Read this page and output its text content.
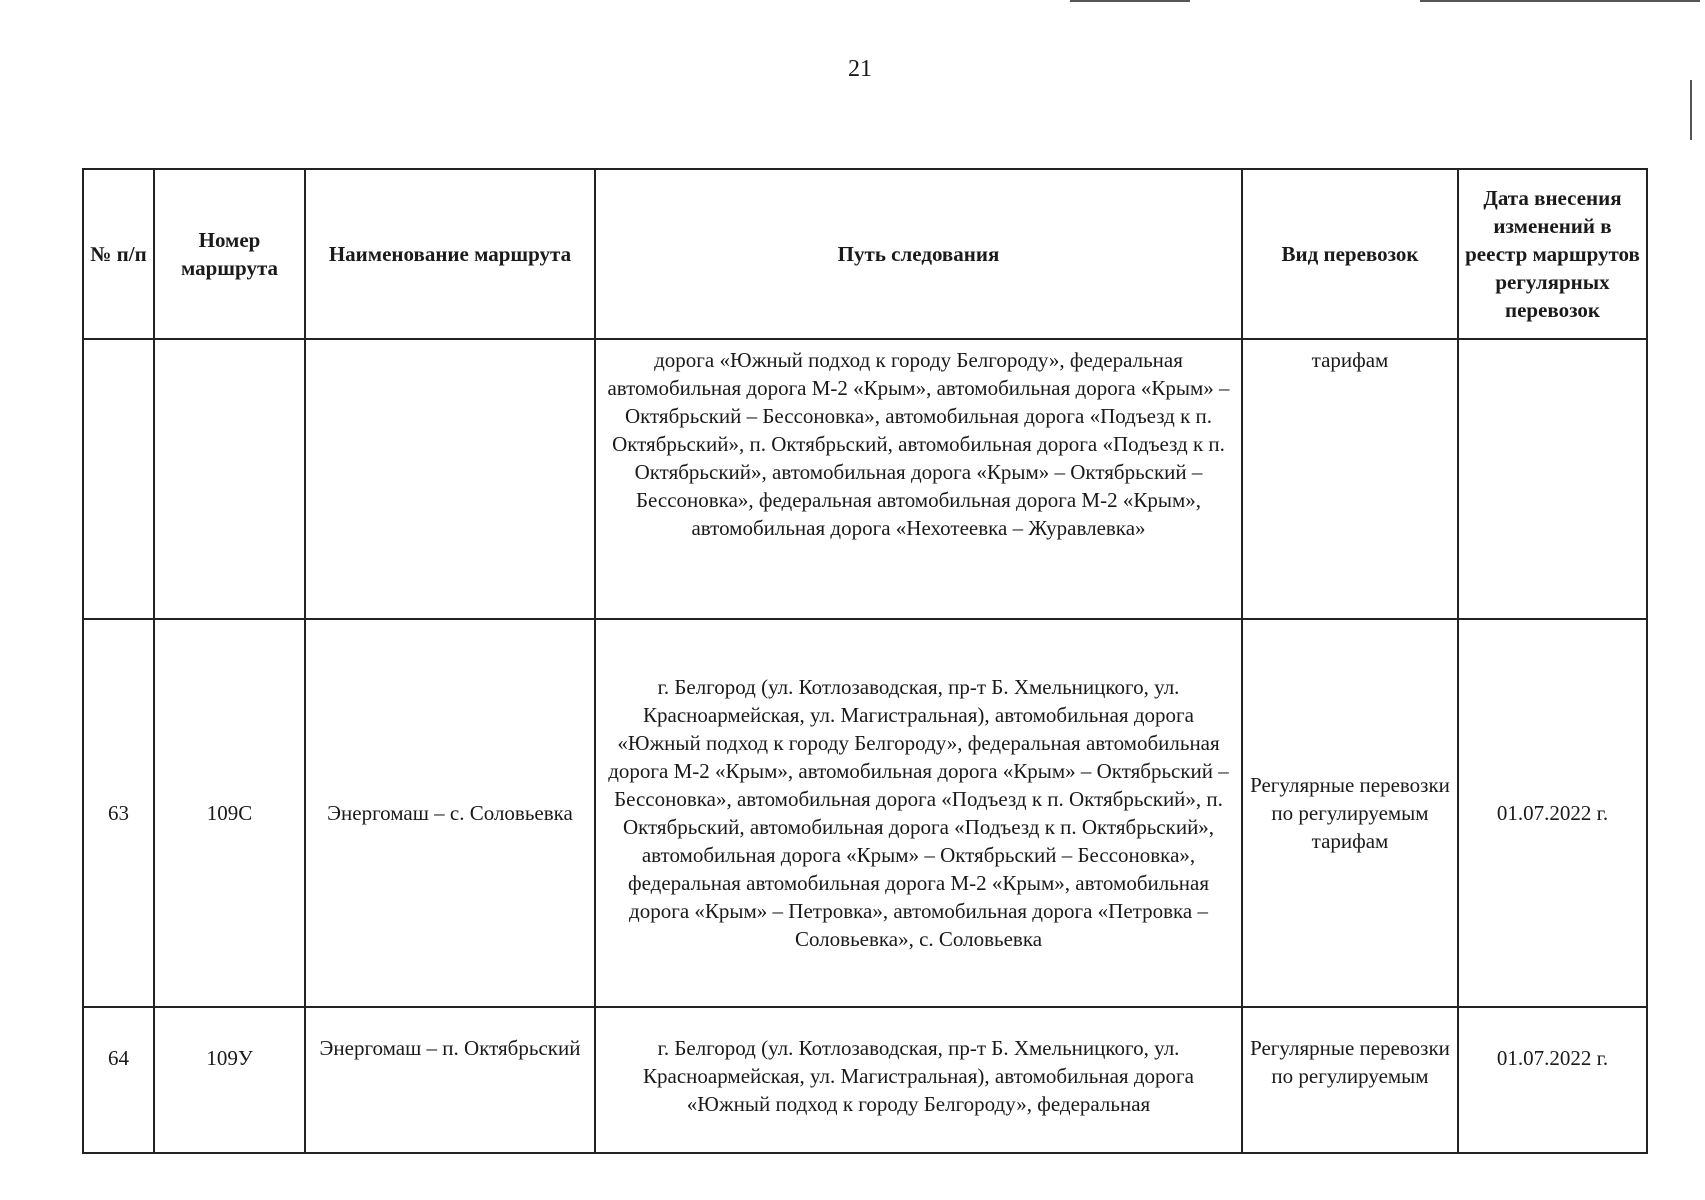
21
№ п/п	Номер маршрута	Наименование маршрута	Путь следования	Вид перевозок	Дата внесения изменений в реестр маршрутов регулярных перевозок
			дорога «Южный подход к городу Белгороду», федеральная автомобильная дорога М-2 «Крым», автомобильная дорога «Крым» – Октябрьский – Бессоновка», автомобильная дорога «Подъезд к п. Октябрьский», п. Октябрьский, автомобильная дорога «Подъезд к п. Октябрьский», автомобильная дорога «Крым» – Октябрьский – Бессоновка», федеральная автомобильная дорога М-2 «Крым», автомобильная дорога «Нехотеевка – Журавлевка»	тарифам	
63	109С	Энергомаш – с. Соловьевка	г. Белгород (ул. Котлозаводская, пр-т Б. Хмельницкого, ул. Красноармейская, ул. Магистральная), автомобильная дорога «Южный подход к городу Белгороду», федеральная автомобильная дорога М-2 «Крым», автомобильная дорога «Крым» – Октябрьский – Бессоновка», автомобильная дорога «Подъезд к п. Октябрьский», п. Октябрьский, автомобильная дорога «Подъезд к п. Октябрьский», автомобильная дорога «Крым» – Октябрьский – Бессоновка», федеральная автомобильная дорога М-2 «Крым», автомобильная дорога «Крым» – Петровка», автомобильная дорога «Петровка – Соловьевка», с. Соловьевка	Регулярные перевозки по регулируемым тарифам	01.07.2022 г.
64	109У	Энергомаш – п. Октябрьский	г. Белгород (ул. Котлозаводская, пр-т Б. Хмельницкого, ул. Красноармейская, ул. Магистральная), автомобильная дорога «Южный подход к городу Белгороду», федеральная	Регулярные перевозки по регулируемым	01.07.2022 г.
